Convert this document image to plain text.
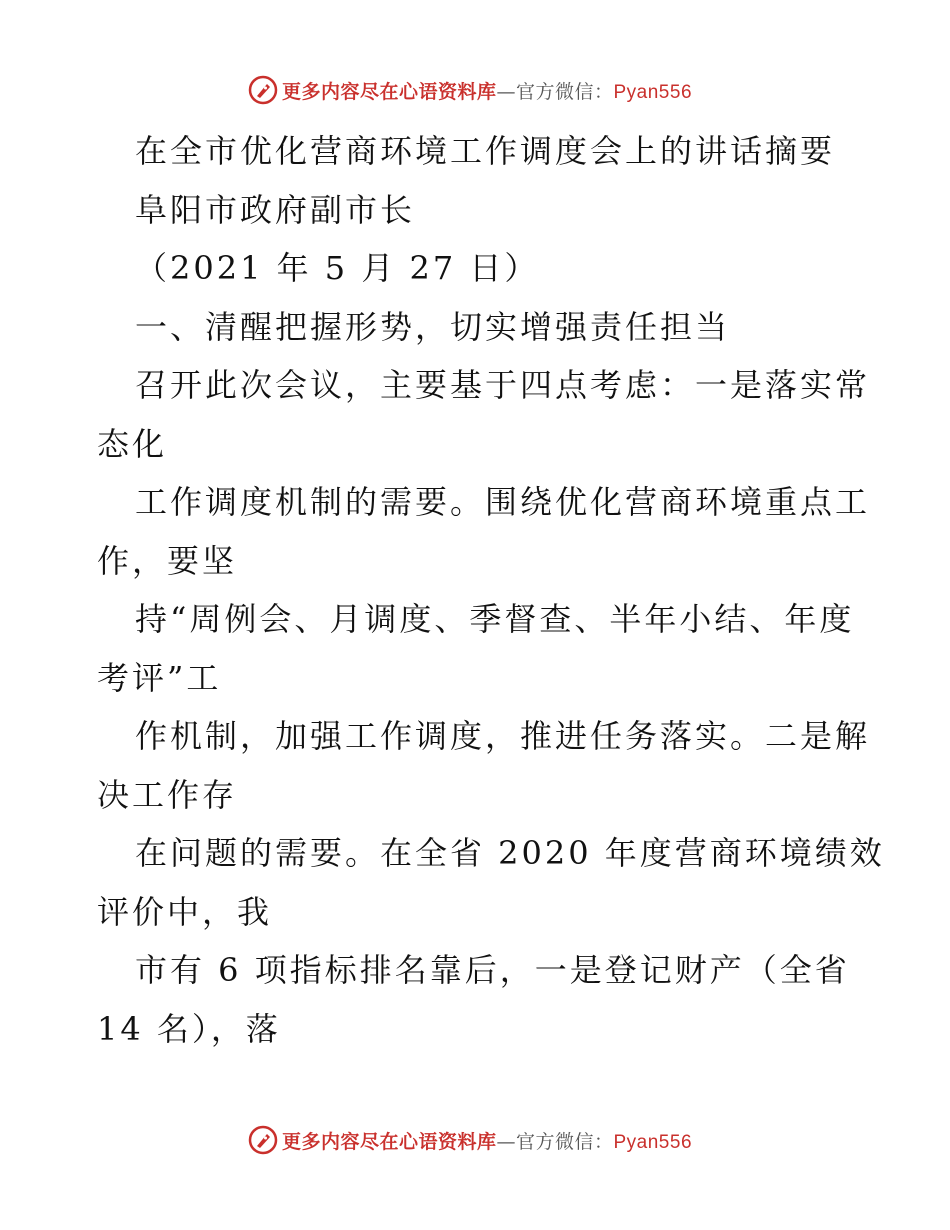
更多内容尽在心语资料库—官方微信：Pyan556
在全市优化营商环境工作调度会上的讲话摘要
阜阳市政府副市长
（2021 年 5 月 27 日）
一、清醒把握形势，切实增强责任担当
召开此次会议，主要基于四点考虑：一是落实常
态化
工作调度机制的需要。围绕优化营商环境重点工
作，要坚
持“周例会、月调度、季督查、半年小结、年度
考评”工
作机制，加强工作调度，推进任务落实。二是解
决工作存
在问题的需要。在全省 2020 年度营商环境绩效
评价中，我
市有 6 项指标排名靠后，一是登记财产（全省
14 名），落
更多内容尽在心语资料库—官方微信：Pyan556
